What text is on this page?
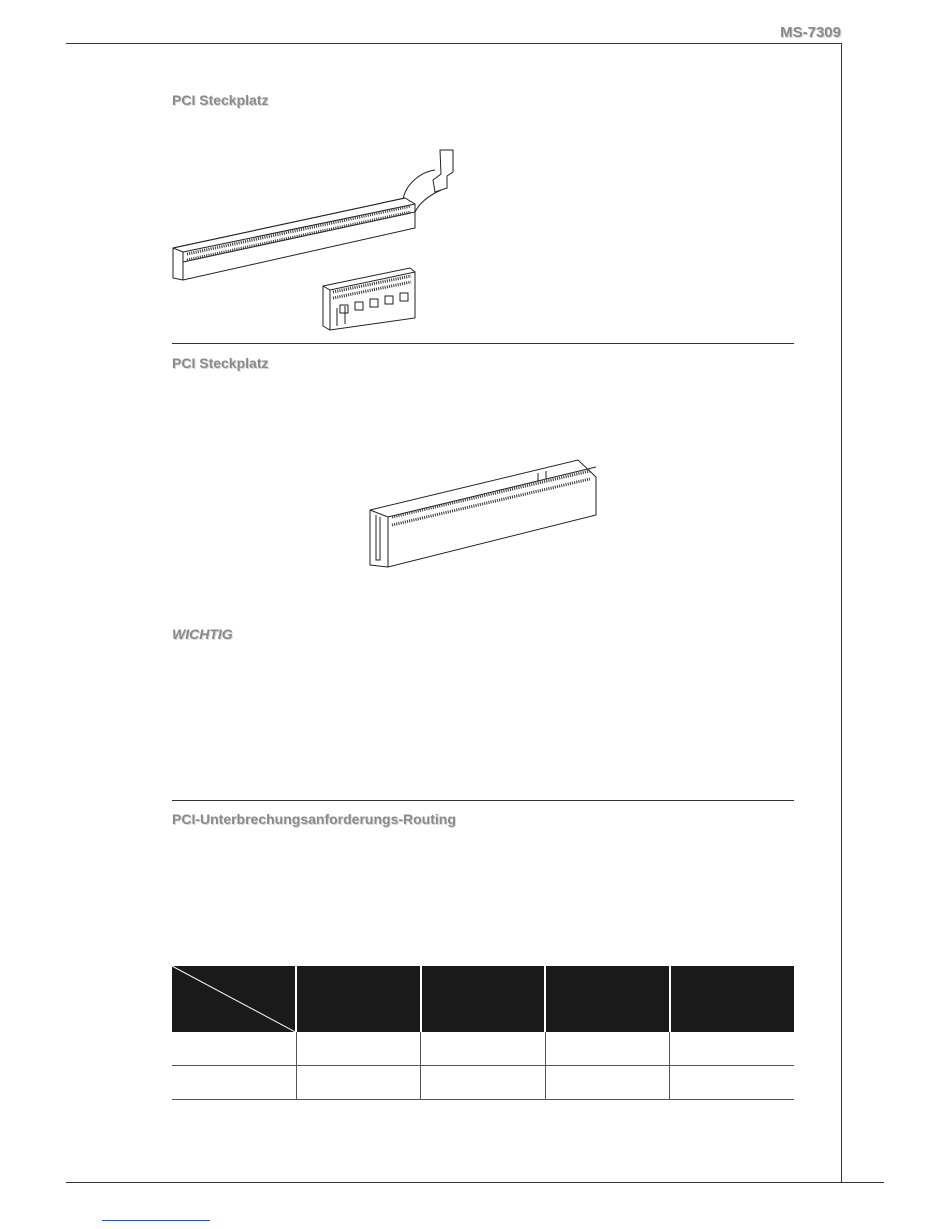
MS-7309
PCI Steckplatz
PCI Steckplatz
WICHTIG
PCI-Unterbrechungsanforderungs-Routing
